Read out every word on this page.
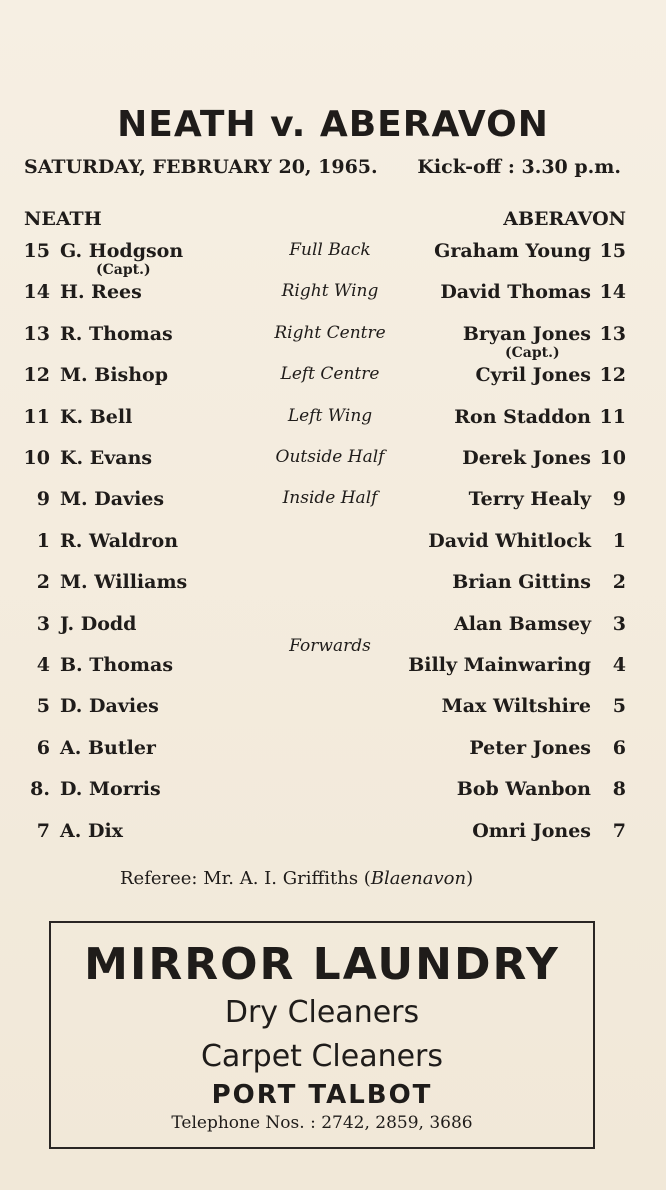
NEATH v. ABERAVON
SATURDAY, FEBRUARY 20, 1965. Kick-off : 3.30 p.m.
NEATH	ABERAVON
15 G. Hodgson	Full Back	Graham Young 15
(Capt.)
14 H. Rees	Right Wing	David Thomas 14
13 R. Thomas	Right Centre	Bryan Jones 13
(Capt.)
12 M. Bishop	Left Centre	Cyril Jones 12
11 K. Bell	Left Wing	Ron Staddon 11
10 K. Evans	Outside Half	Derek Jones 10
9 M. Davies	Inside Half	Terry Healy	9
1 R. Waldron	David Whitlock	1
2 M. Williams	Brian Gittins	2
3 J. Dodd	Alan Bamsey	3
4 B. Thomas	Billy Mainwaring	4
5 D. Davies	Max Wiltshire	5
6 A. Butler	Peter Jones	6
8. D. Morris	Bob Wanbon	8
7 A. Dix	Omri Jones	7
Forwards
Referee: Mr. A. I. Griffiths (Blaenavon)
MIRROR LAUNDRY
Dry Cleaners
Carpet Cleaners
PORT TALBOT
Telephone Nos. : 2742, 2859, 3686
